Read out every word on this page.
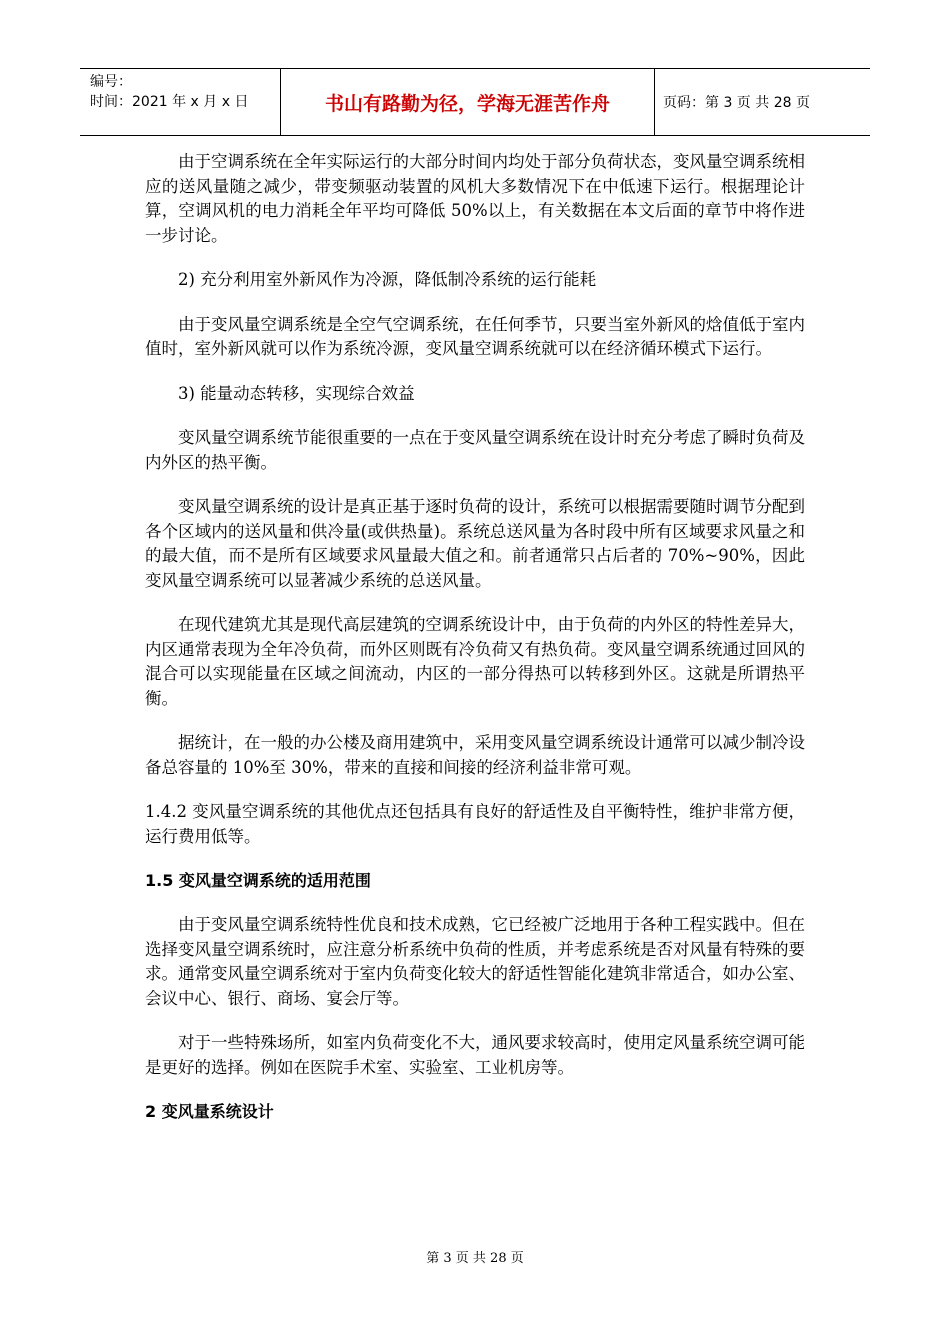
编号：
时间：2021 年 x 月 x 日	书山有路勤为径，学海无涯苦作舟	页码：第 3 页 共 28 页

由于空调系统在全年实际运行的大部分时间内均处于部分负荷状态，变风量空调系统相应的送风量随之减少，带变频驱动装置的风机大多数情况下在中低速下运行。根据理论计算，空调风机的电力消耗全年平均可降低 50%以上，有关数据在本文后面的章节中将作进一步讨论。

2) 充分利用室外新风作为冷源，降低制冷系统的运行能耗

由于变风量空调系统是全空气空调系统，在任何季节，只要当室外新风的焓值低于室内值时，室外新风就可以作为系统冷源，变风量空调系统就可以在经济循环模式下运行。

3) 能量动态转移，实现综合效益

变风量空调系统节能很重要的一点在于变风量空调系统在设计时充分考虑了瞬时负荷及内外区的热平衡。

变风量空调系统的设计是真正基于逐时负荷的设计，系统可以根据需要随时调节分配到各个区域内的送风量和供冷量(或供热量)。系统总送风量为各时段中所有区域要求风量之和的最大值，而不是所有区域要求风量最大值之和。前者通常只占后者的 70%~90%，因此变风量空调系统可以显著减少系统的总送风量。

在现代建筑尤其是现代高层建筑的空调系统设计中，由于负荷的内外区的特性差异大，内区通常表现为全年冷负荷，而外区则既有冷负荷又有热负荷。变风量空调系统通过回风的混合可以实现能量在区域之间流动，内区的一部分得热可以转移到外区。这就是所谓热平衡。

据统计，在一般的办公楼及商用建筑中，采用变风量空调系统设计通常可以减少制冷设备总容量的 10%至 30%，带来的直接和间接的经济利益非常可观。

1.4.2 变风量空调系统的其他优点还包括具有良好的舒适性及自平衡特性，维护非常方便，运行费用低等。

1.5 变风量空调系统的适用范围

由于变风量空调系统特性优良和技术成熟，它已经被广泛地用于各种工程实践中。但在选择变风量空调系统时，应注意分析系统中负荷的性质，并考虑系统是否对风量有特殊的要求。通常变风量空调系统对于室内负荷变化较大的舒适性智能化建筑非常适合，如办公室、会议中心、银行、商场、宴会厅等。

对于一些特殊场所，如室内负荷变化不大，通风要求较高时，使用定风量系统空调可能是更好的选择。例如在医院手术室、实验室、工业机房等。

2 变风量系统设计
第 3 页 共 28 页
